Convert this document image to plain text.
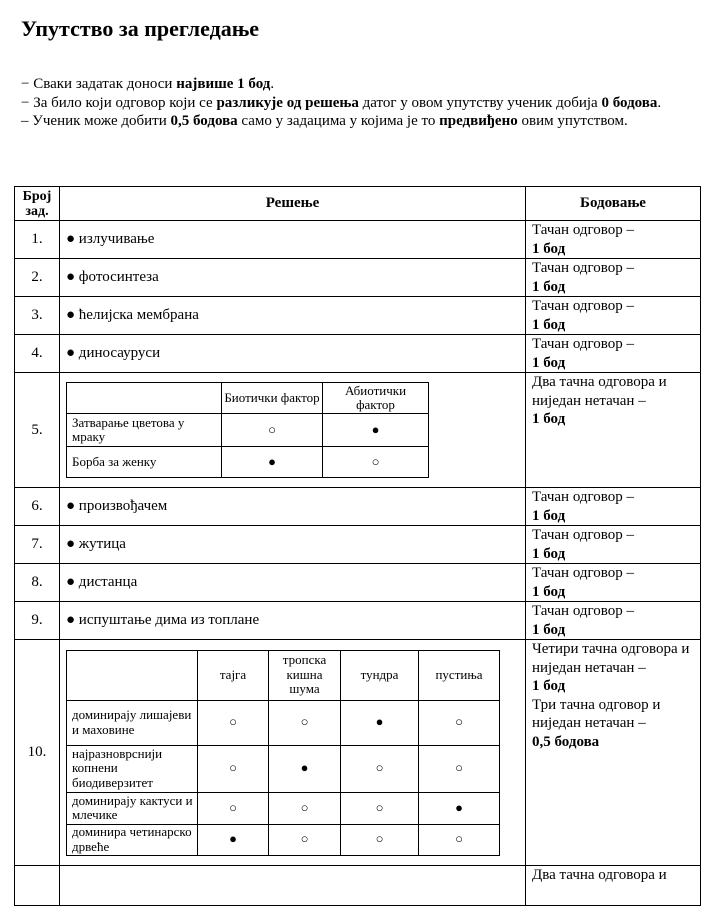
Упутство за прегледање

− Сваки задатак доноси највише 1 бод.

− За било који одговор који се разликује од решења датог у овом упутству ученик добија 0 бодова.

– Ученик може добити 0,5 бодова само у задацима у којима је то предвиђено овим упутством.

Број зад.	Решење	Бодовање
1.	● излучивање	
Тачан одговор –
1 бод

2.	● фотосинтеза	
Тачан одговор –
1 бод

3.	● ћелијска мембрана	
Тачан одговор –
1 бод

4.	● диносауруси	
Тачан одговор –
1 бод

5.	
	Биотички фактор	Абиотички фактор
Затварање цветова у мраку	○	●
Борба за женку	●	○

Два тачна одговора и ниједан нетачан –
1 бод

6.	● произвођачем	
Тачан одговор –
1 бод

7.	● жутица	
Тачан одговор –
1 бод

8.	● дистанца	
Тачан одговор –
1 бод

9.	● испуштање дима из топлане	
Тачан одговор –
1 бод

10.	
	тајга	тропска кишна шума	тундра	пустиња
доминирају лишајеви и маховине	○	○	●	○
најразноврснији копнени биодиверзитет	○	●	○	○
доминирају кактуси и млечике	○	○	○	●
доминира четинарско дрвеће	●	○	○	○

Четири тачна одговора и ниједан нетачан –
1 бод
Три тачна одговор и ниједан нетачан –
0,5 бодова

Два тачна одговора и
